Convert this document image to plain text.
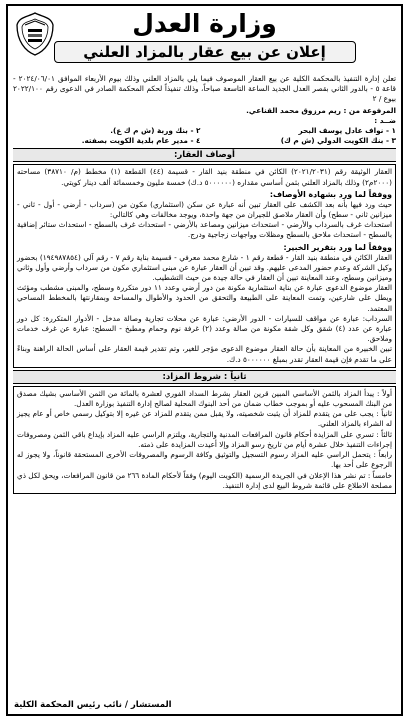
وزارة العدل
إعلان عن بيع عقار بالمزاد العلني

تعلن إدارة التنفيذ بالمحكمة الكلية عن بيع العقار الموصوف فيما يلي بالمزاد العلني وذلك بيوم الأربعاء الموافق ٢٠٢٤/٠٦/٠١ - قاعة ٥ - بالدور الثاني بقصر العدل الجديد الساعة التاسعة صباحاً، وذلك تنفيذاً لحكم المحكمة الصادر في الدعوى رقم ٢٠٢٢/١٠٠ بيوع / ٢

المرفوعة من : ريم مرزوق محمد القناعي.

ضــد :

١ - نواف عادل يوسف البحر
٢ - بنك وربة (ش م ك ع).
٣ - بنك الكويت الدولي (ش م ك)
٤ - مدير عام بلدية الكويت بصفته.
أوصاف العقار:

العقار الوثيقة رقم (٢٠٢١/٢٠٣١) الكائن في منطقة بنيد القار - قسيمة (٤٤) القطعة (١) مخطط (م/ ٣٨٧١٠) مساحته (٢٠٠٠م٢) وذلك بالمزاد العلني بثمن أساسي مقداره (٥٠٠٠٠٠٠ د.ك) خمسة مليون وخمسمائة ألف دينار كويتي.

ووفقاً لما ورد بشهادة الأوصاف:

حيث ورد فيها بأنه بعد الكشف على العقار تبين أنه عبارة عن سكن (استثماري) مكون من (سرداب - أرضي - أول - ثاني - ميزانين ثاني - سطح) وأن العقار ملاصق للجيران من جهة واحدة، ويوجد مخالفات وهي كالتالي:

استحداث غرف بالسرداب والأرضي - استحداث ميزانين ومصاعد بالأرضي - استحداث غرف بالسطح - استحداث ستائر إضافية بالسطح - استحداث ملاحق بالسطح ومظلات وواجهات زجاجية ودرج.

ووفقاً لما ورد بتقرير الخبير:

العقار الكائن في منطقة بنيد القار - قطعة رقم ١ - شارع محمد معرفي - قسيمة بناية رقم ٧ - رقم آلي (١٩٤٩٨٧٨٥٤) بحضور وكيل الشركة وعدم حضور المدعى عليهم. وقد تبين أن العقار عبارة عن مبنى استثماري مكون من سرداب وأرضي وأول وثاني وميزانين وسطح، وعند المعاينة تبين أن العقار في حالة جيدة من حيث التشطيب.

العقار موضوع الدعوى عبارة عن بناية استثمارية مكونة من دور أرضي وعدد ١١ دور متكررة وسطح، والمبنى مشطب ومؤثث ويطل على شارعين، وتمت المعاينة على الطبيعة والتحقق من الحدود والأطوال والمساحة وبمقارنتها بالمخطط المساحي المعتمد.

السرداب: عبارة عن مواقف للسيارات - الدور الأرضي: عبارة عن محلات تجارية وصالة مدخل - الأدوار المتكررة: كل دور عبارة عن عدد (٤) شقق وكل شقة مكونة من صالة وعدد (٢) غرفة نوم وحمام ومطبخ - السطح: عبارة عن غرف خدمات وملاحق.

تبين الخبيرة من المعاينة بأن حالة العقار موضوع الدعوى مؤجر للغير، وتم تقدير قيمة العقار على أساس الحالة الراهنة وبناءً على ما تقدم فإن قيمة العقار تقدر بمبلغ ٥٠٠٠٠٠٠ د.ك.

ثانياً : شروط المزاد:

أولاً : يبدأ المزاد بالثمن الأساسي المبين قرين العقار بشرط السداد الفوري لعشرة بالمائة من الثمن الأساسي بشيك مصدق من البنك المسحوب عليه أو بموجب خطاب ضمان من أحد البنوك المحلية لصالح إدارة التنفيذ بوزارة العدل.

ثانياً : يجب على من يتقدم للمزاد أن يثبت شخصيته، ولا يقبل ممن يتقدم للمزاد عن غيره إلا بتوكيل رسمي خاص أو عام يجيز له الشراء بالمزاد العلني.

ثالثاً : تسري على المزايدة أحكام قانون المرافعات المدنية والتجارية، ويلتزم الراسي عليه المزاد بإيداع باقي الثمن ومصروفات إجراءات التنفيذ خلال عشرة أيام من تاريخ رسو المزاد وإلا أعيدت المزايدة على ذمته.

رابعاً : يتحمل الراسي عليه المزاد رسوم التسجيل والتوثيق وكافة الرسوم والمصروفات الأخرى المستحقة قانوناً، ولا يجوز له الرجوع على أحد بها.

خامساً : تم نشر هذا الإعلان في الجريدة الرسمية (الكويت اليوم) وفقاً لأحكام المادة ٢٦٦ من قانون المرافعات، ويحق لكل ذي مصلحة الاطلاع على قائمة شروط البيع لدى إدارة التنفيذ.

المستشار / نائب رئيس المحكمة الكلية
